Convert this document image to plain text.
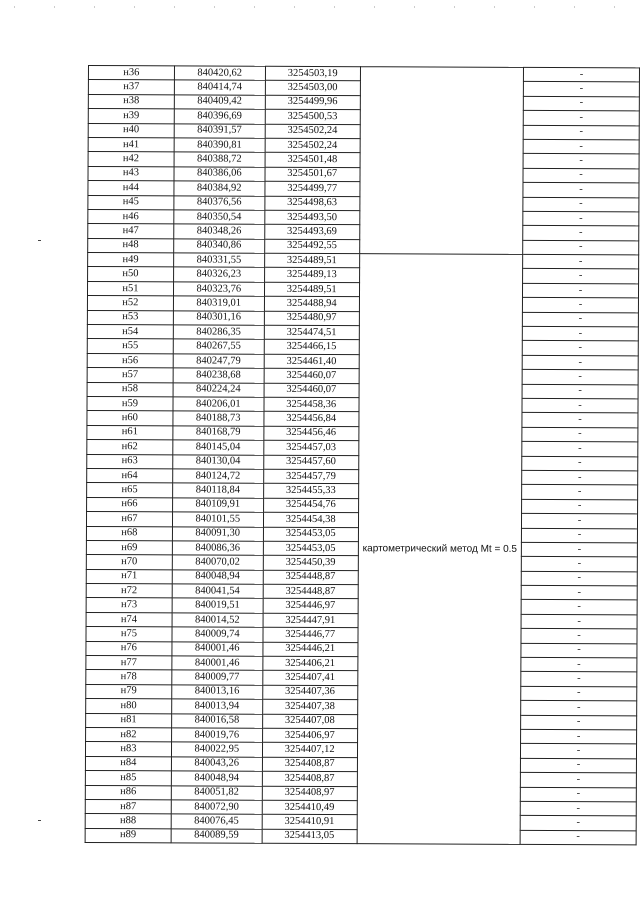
н36	840420,62	3254503,19		-
н37	840414,74	3254503,00		-
н38	840409,42	3254499,96		-
н39	840396,69	3254500,53		-
н40	840391,57	3254502,24		-
н41	840390,81	3254502,24		-
н42	840388,72	3254501,48		-
н43	840386,06	3254501,67		-
н44	840384,92	3254499,77		-
н45	840376,56	3254498,63		-
н46	840350,54	3254493,50		-
н47	840348,26	3254493,69		-
н48	840340,86	3254492,55		-
н49	840331,55	3254489,51	картометрический метод Mt = 0.5	-
н50	840326,23	3254489,13		-
н51	840323,76	3254489,51		-
н52	840319,01	3254488,94		-
н53	840301,16	3254480,97		-
н54	840286,35	3254474,51		-
н55	840267,55	3254466,15		-
н56	840247,79	3254461,40		-
н57	840238,68	3254460,07		-
н58	840224,24	3254460,07		-
н59	840206,01	3254458,36		-
н60	840188,73	3254456,84		-
н61	840168,79	3254456,46		-
н62	840145,04	3254457,03		-
н63	840130,04	3254457,60		-
н64	840124,72	3254457,79		-
н65	840118,84	3254455,33		-
н66	840109,91	3254454,76		-
н67	840101,55	3254454,38		-
н68	840091,30	3254453,05		-
н69	840086,36	3254453,05		-
н70	840070,02	3254450,39		-
н71	840048,94	3254448,87		-
н72	840041,54	3254448,87		-
н73	840019,51	3254446,97		-
н74	840014,52	3254447,91		-
н75	840009,74	3254446,77		-
н76	840001,46	3254446,21		-
н77	840001,46	3254406,21		-
н78	840009,77	3254407,41		-
н79	840013,16	3254407,36		-
н80	840013,94	3254407,38		-
н81	840016,58	3254407,08		-
н82	840019,76	3254406,97		-
н83	840022,95	3254407,12		-
н84	840043,26	3254408,87		-
н85	840048,94	3254408,87		-
н86	840051,82	3254408,97		-
н87	840072,90	3254410,49		-
н88	840076,45	3254410,91		-
н89	840089,59	3254413,05		-
